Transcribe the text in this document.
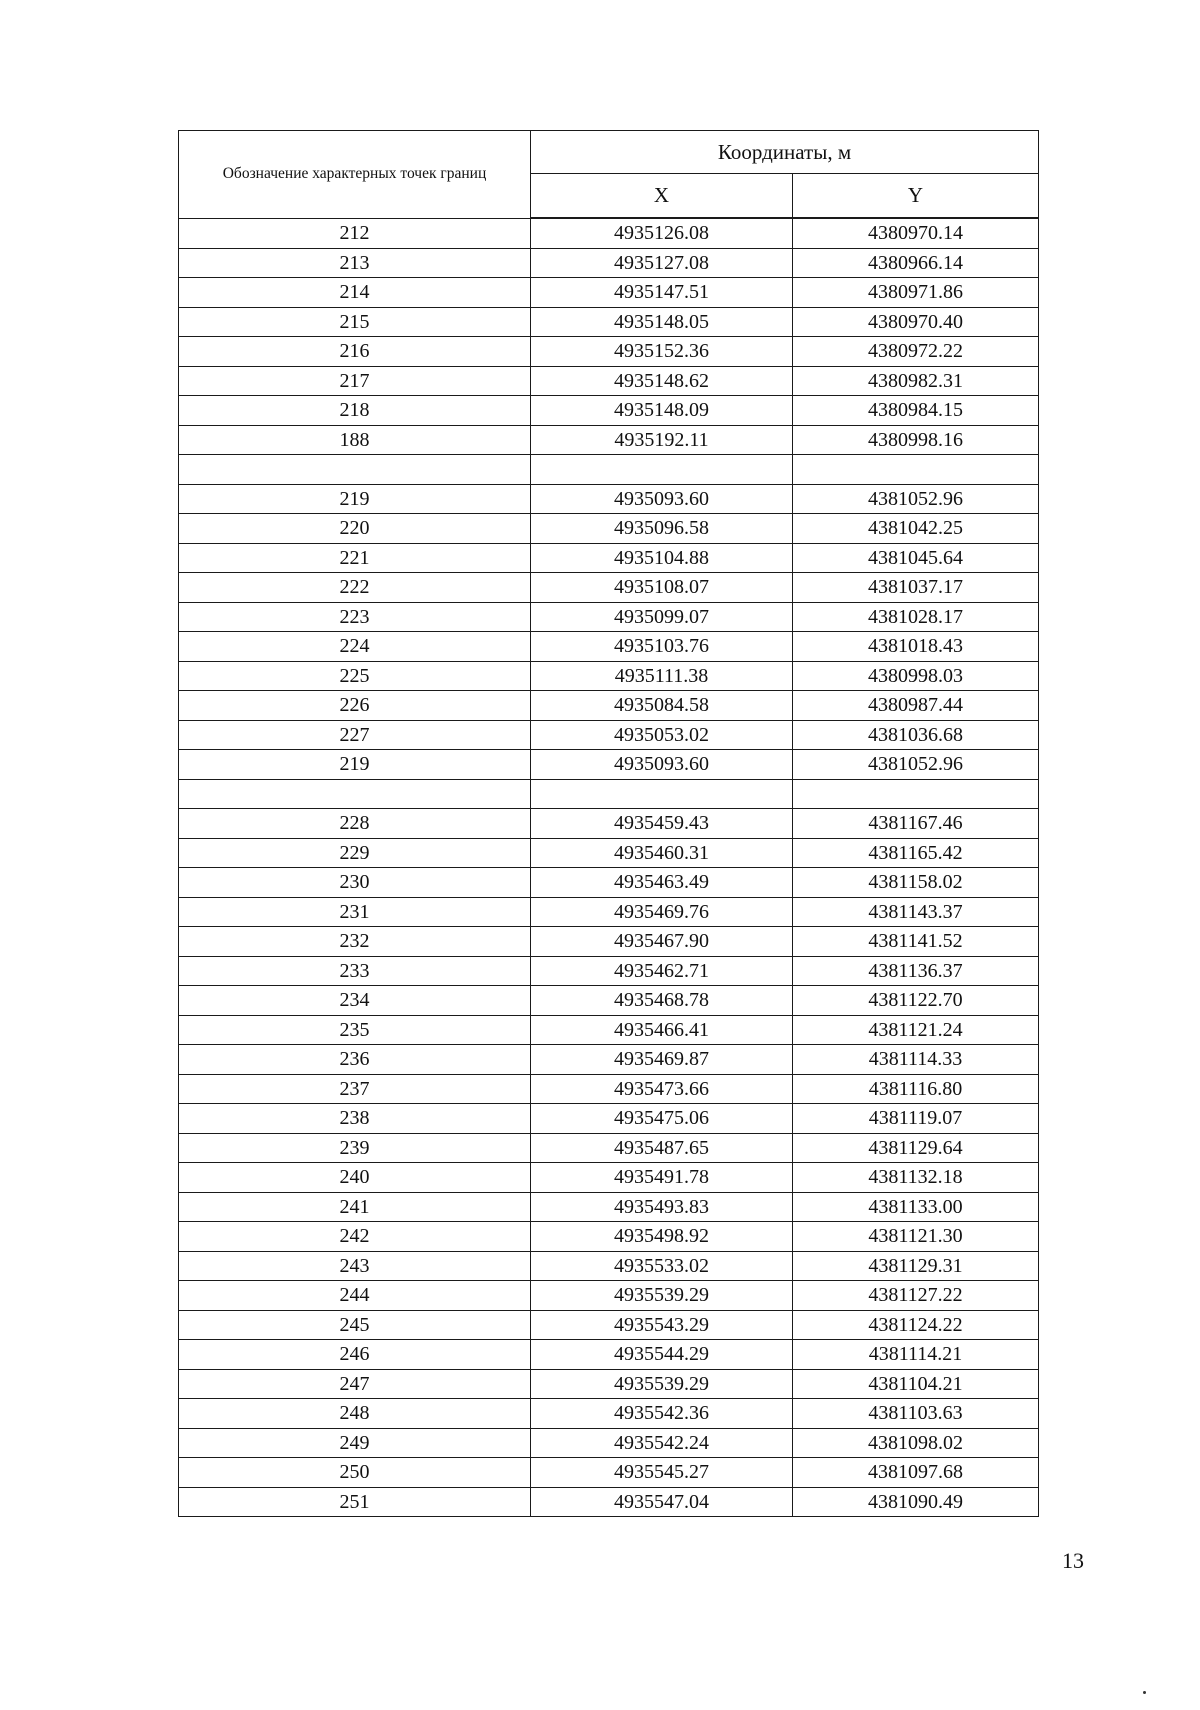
Обозначение характерных точек границ	Координаты, м	
	X	Y
212	4935126.08	4380970.14
213	4935127.08	4380966.14
214	4935147.51	4380971.86
215	4935148.05	4380970.40
216	4935152.36	4380972.22
217	4935148.62	4380982.31
218	4935148.09	4380984.15
188	4935192.11	4380998.16

219	4935093.60	4381052.96
220	4935096.58	4381042.25
221	4935104.88	4381045.64
222	4935108.07	4381037.17
223	4935099.07	4381028.17
224	4935103.76	4381018.43
225	4935111.38	4380998.03
226	4935084.58	4380987.44
227	4935053.02	4381036.68
219	4935093.60	4381052.96

228	4935459.43	4381167.46
229	4935460.31	4381165.42
230	4935463.49	4381158.02
231	4935469.76	4381143.37
232	4935467.90	4381141.52
233	4935462.71	4381136.37
234	4935468.78	4381122.70
235	4935466.41	4381121.24
236	4935469.87	4381114.33
237	4935473.66	4381116.80
238	4935475.06	4381119.07
239	4935487.65	4381129.64
240	4935491.78	4381132.18
241	4935493.83	4381133.00
242	4935498.92	4381121.30
243	4935533.02	4381129.31
244	4935539.29	4381127.22
245	4935543.29	4381124.22
246	4935544.29	4381114.21
247	4935539.29	4381104.21
248	4935542.36	4381103.63
249	4935542.24	4381098.02
250	4935545.27	4381097.68
251	4935547.04	4381090.49
13
